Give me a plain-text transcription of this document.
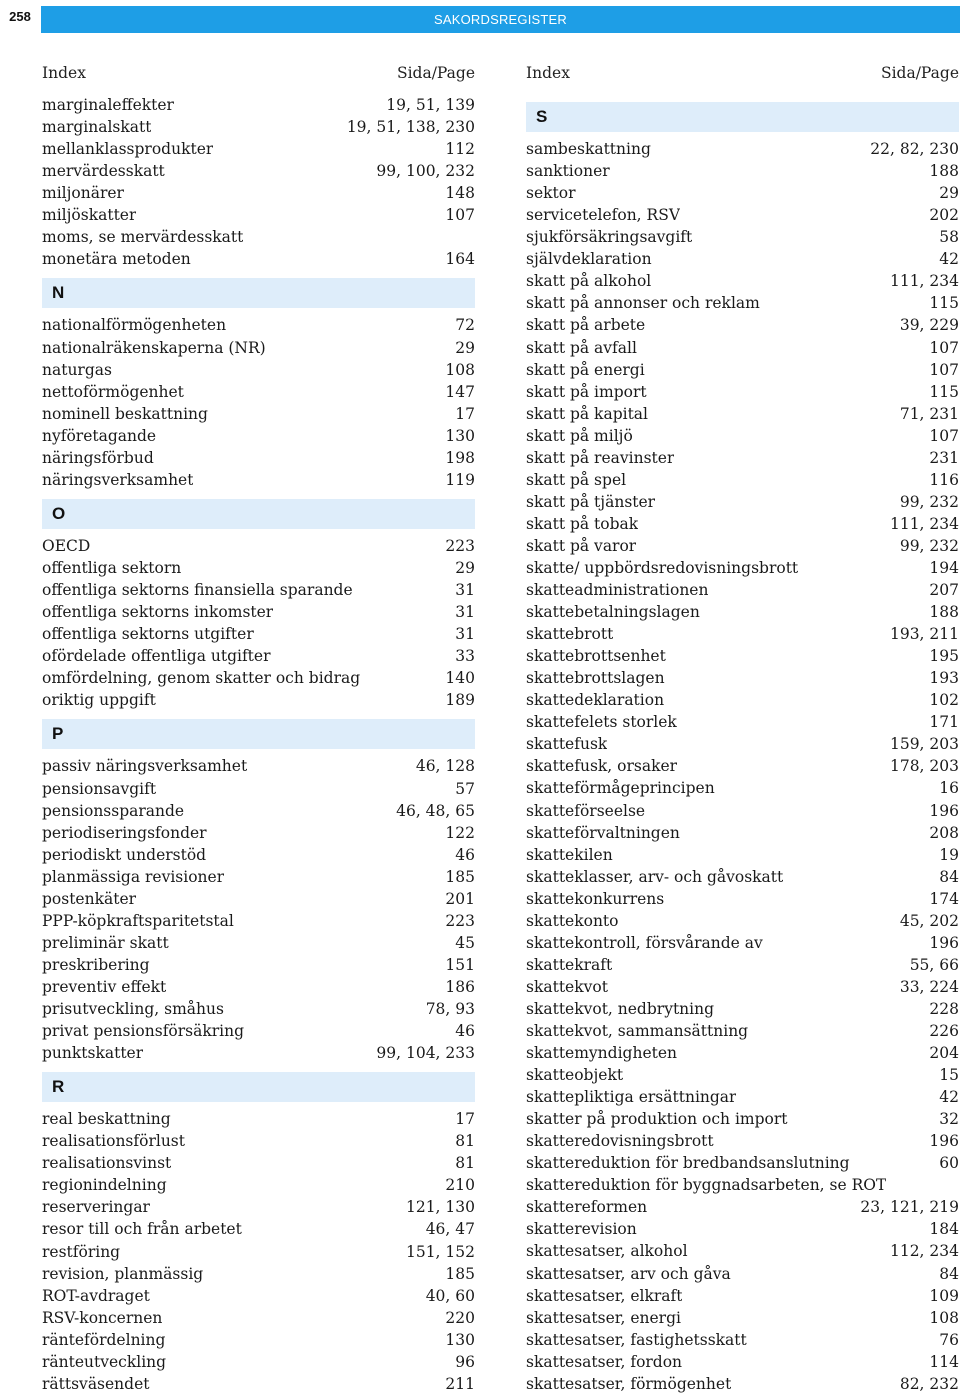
258	SAKORDSREGISTER
Index	Sida/Page
marginaleffekter	19, 51, 139
marginalskatt	19, 51, 138, 230
mellanklassprodukter	112
mervärdesskatt	99, 100, 232
miljonärer	148
miljöskatter	107
moms, se mervärdesskatt
monetära metoden	164
N
nationalförmögenheten	72
nationalräkenskaperna (NR)	29
naturgas	108
nettoförmögenhet	147
nominell beskattning	17
nyföretagande	130
näringsförbud	198
näringsverksamhet	119
O
OECD	223
offentliga sektorn	29
offentliga sektorns finansiella sparande	31
offentliga sektorns inkomster	31
offentliga sektorns utgifter	31
ofördelade offentliga utgifter	33
omfördelning, genom skatter och bidrag	140
oriktig uppgift	189
P
passiv näringsverksamhet	46, 128
pensionsavgift	57
pensionssparande	46, 48, 65
periodiseringsfonder	122
periodiskt understöd	46
planmässiga revisioner	185
postenkäter	201
PPP-köpkraftsparitetstal	223
preliminär skatt	45
preskribering	151
preventiv effekt	186
prisutveckling, småhus	78, 93
privat pensionsförsäkring	46
punktskatter	99, 104, 233
R
real beskattning	17
realisationsförlust	81
realisationsvinst	81
regionindelning	210
reserveringar	121, 130
resor till och från arbetet	46, 47
restföring	151, 152
revision, planmässig	185
ROT-avdraget	40, 60
RSV-koncernen	220
räntefördelning	130
ränteutveckling	96
rättsväsendet	211
Index	Sida/Page
S
sambeskattning	22, 82, 230
sanktioner	188
sektor	29
servicetelefon, RSV	202
sjukförsäkringsavgift	58
självdeklaration	42
skatt på alkohol	111, 234
skatt på annonser och reklam	115
skatt på arbete	39, 229
skatt på avfall	107
skatt på energi	107
skatt på import	115
skatt på kapital	71, 231
skatt på miljö	107
skatt på reavinster	231
skatt på spel	116
skatt på tjänster	99, 232
skatt på tobak	111, 234
skatt på varor	99, 232
skatte/ uppbördsredovisningsbrott	194
skatteadministrationen	207
skattebetalningslagen	188
skattebrott	193, 211
skattebrottsenhet	195
skattebrottslagen	193
skattedeklaration	102
skattefelets storlek	171
skattefusk	159, 203
skattefusk, orsaker	178, 203
skatteförmågeprincipen	16
skatteförseelse	196
skatteförvaltningen	208
skattekilen	19
skatteklasser, arv- och gåvoskatt	84
skattekonkurrens	174
skattekonto	45, 202
skattekontroll, försvårande av	196
skattekraft	55, 66
skattekvot	33, 224
skattekvot, nedbrytning	228
skattekvot, sammansättning	226
skattemyndigheten	204
skatteobjekt	15
skattepliktiga ersättningar	42
skatter på produktion och import	32
skatteredovisningsbrott	196
skattereduktion för bredbandsanslutning	60
skattereduktion för byggnadsarbeten, se ROT
skattereformen	23, 121, 219
skatterevision	184
skattesatser, alkohol	112, 234
skattesatser, arv och gåva	84
skattesatser, elkraft	109
skattesatser, energi	108
skattesatser, fastighetsskatt	76
skattesatser, fordon	114
skattesatser, förmögenhet	82, 232
